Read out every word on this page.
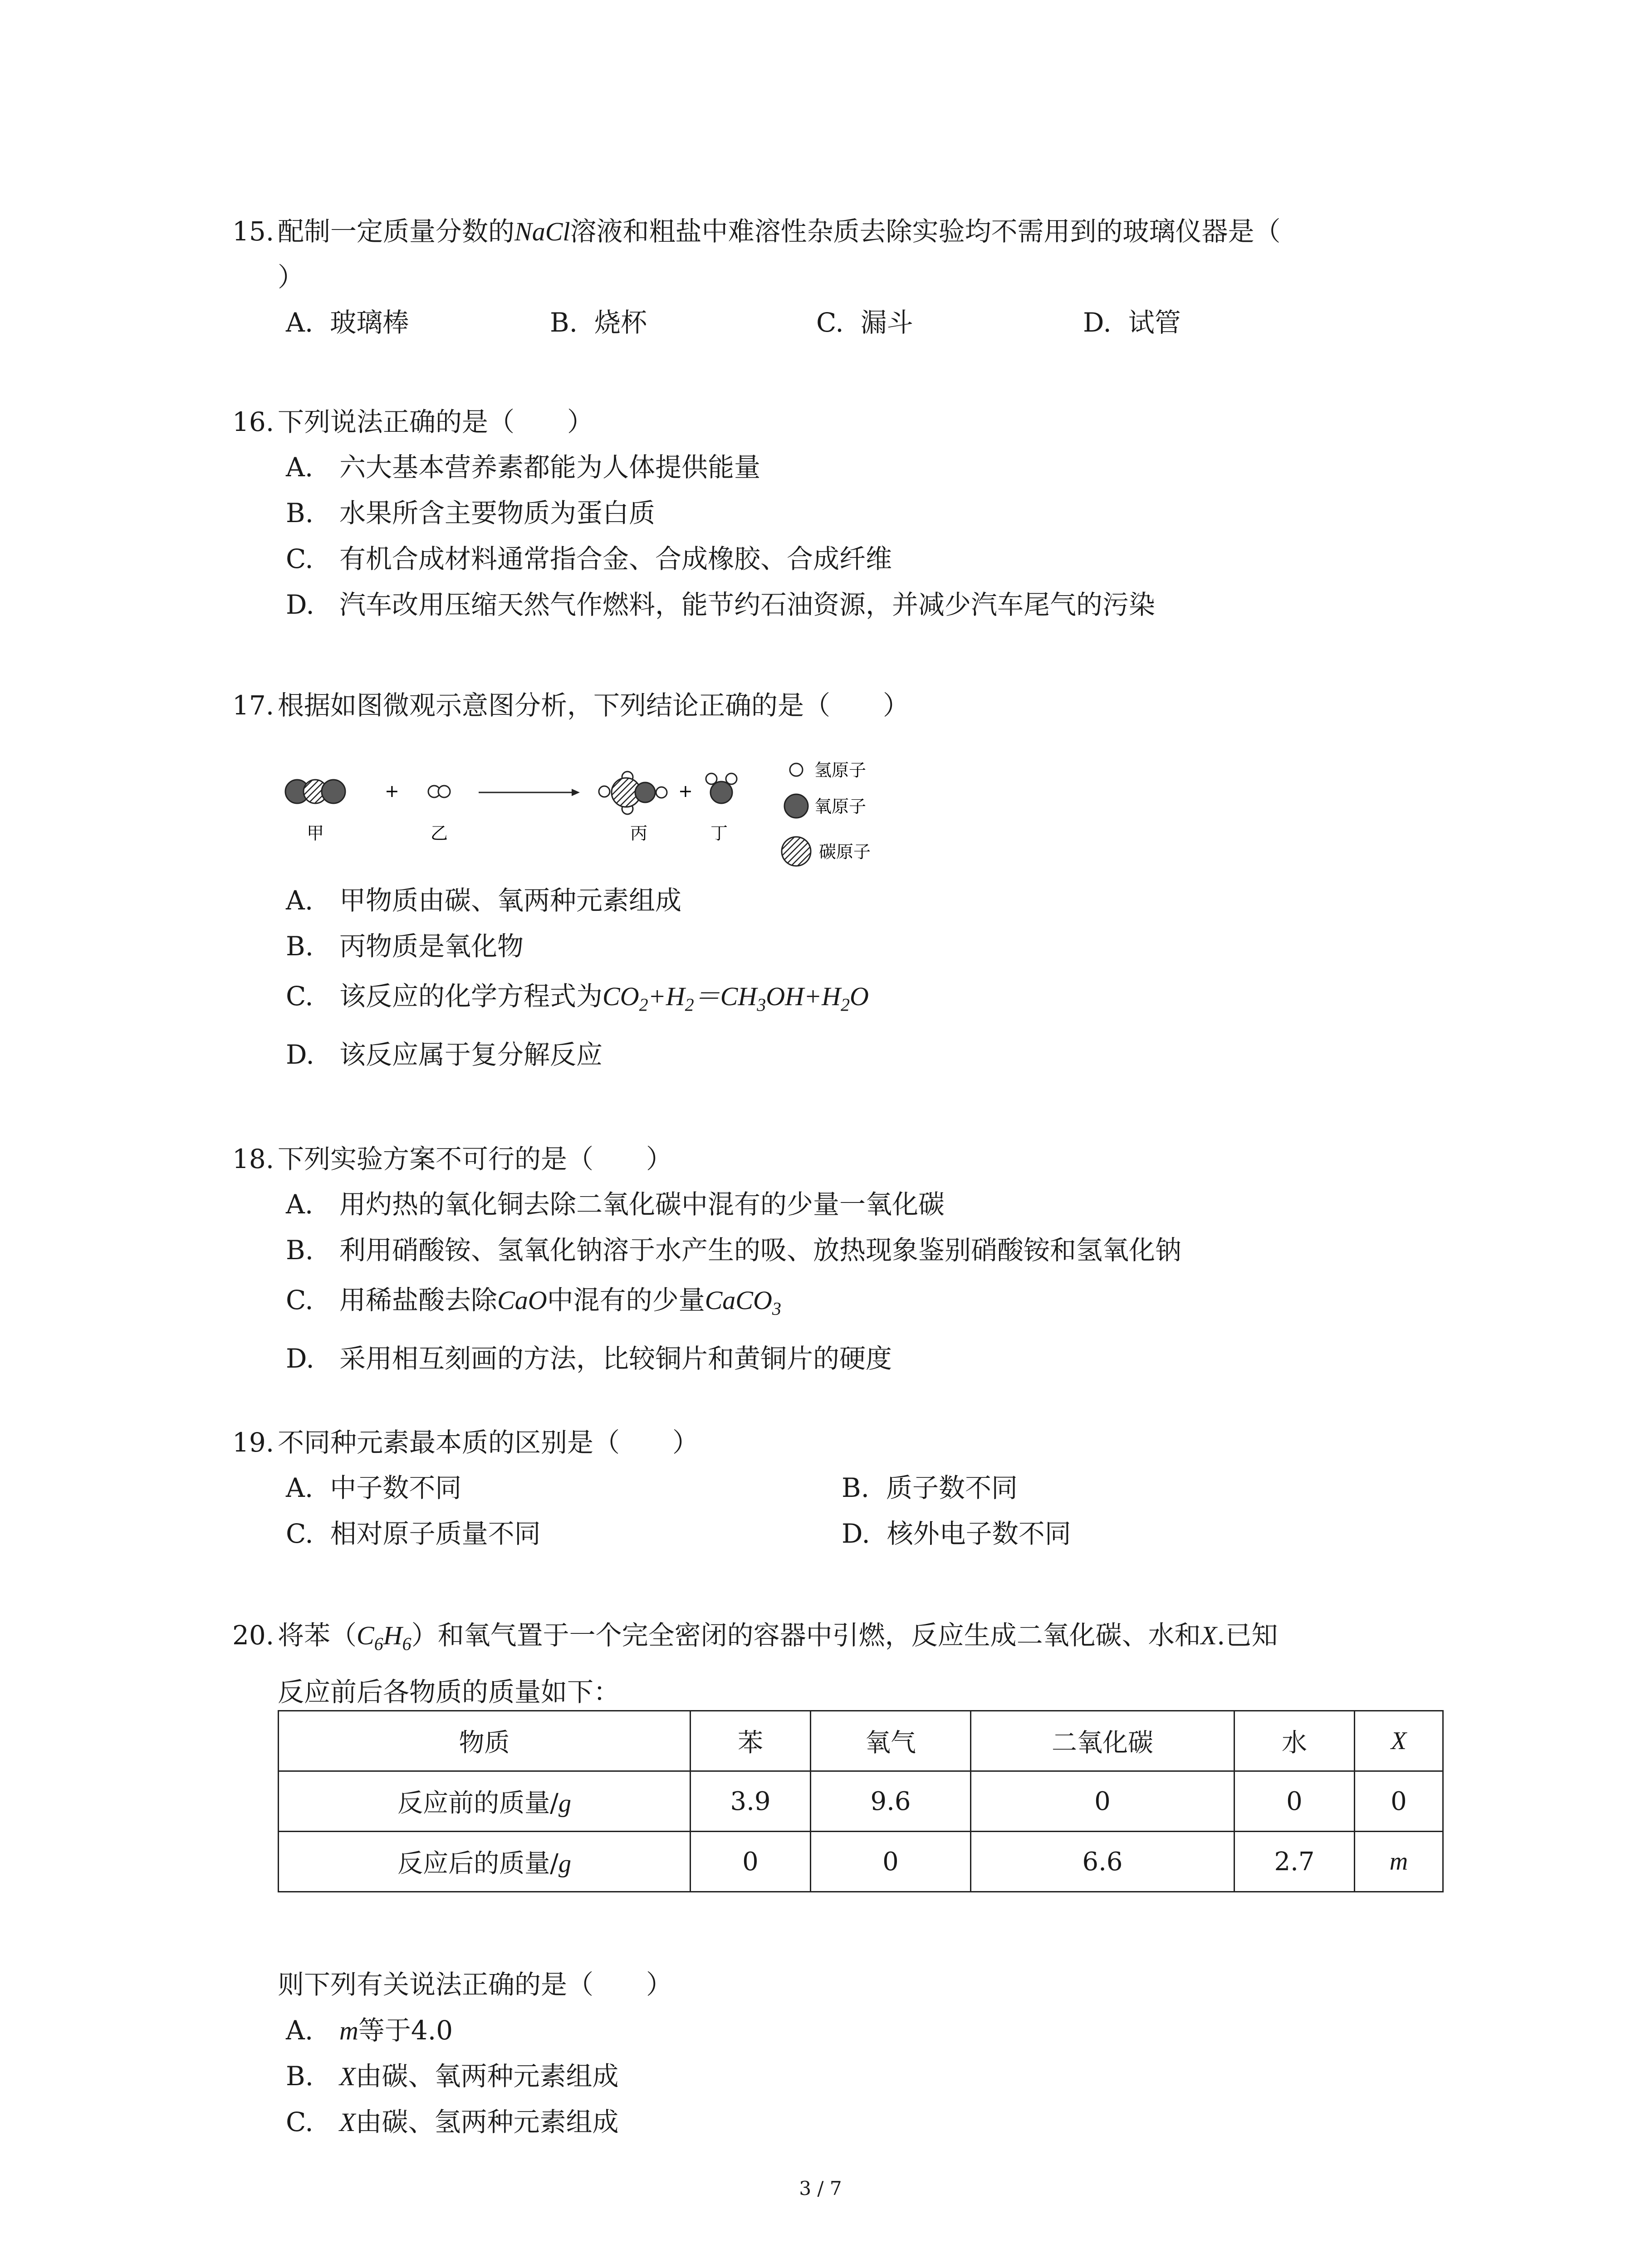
15. 配制一定质量分数的NaCl溶液和粗盐中难溶性杂质去除实验均不需用到的玻璃仪器是（
）
A. 玻璃棒	B. 烧杯	C. 漏斗	D. 试管
16. 下列说法正确的是（　　）
A. 六大基本营养素都能为人体提供能量
B. 水果所含主要物质为蛋白质
C. 有机合成材料通常指合金、合成橡胶、合成纤维
D. 汽车改用压缩天然气作燃料，能节约石油资源，并减少汽车尾气的污染
17. 根据如图微观示意图分析，下列结论正确的是（　　）
+	+
甲	乙	丙	丁
氢原子
氧原子
碳原子
A. 甲物质由碳、氧两种元素组成
B. 丙物质是氧化物
C. 该反应的化学方程式为$CO_2+H_2=CH_3OH+H_2O$
D. 该反应属于复分解反应
18. 下列实验方案不可行的是（　　）
A. 用灼热的氧化铜去除二氧化碳中混有的少量一氧化碳
B. 利用硝酸铵、氢氧化钠溶于水产生的吸、放热现象鉴别硝酸铵和氢氧化钠
C. 用稀盐酸去除CaO中混有的少量CaCO$_3$
D. 采用相互刻画的方法，比较铜片和黄铜片的硬度
19. 不同种元素最本质的区别是（　　）
A. 中子数不同	B. 质子数不同
C. 相对原子质量不同	D. 核外电子数不同
20. 将苯$(C_6H_6)$和氧气置于一个完全密闭的容器中引燃，反应生成二氧化碳、水和X.已知
反应前后各物质的质量如下：
物质	苯	氧气	二氧化碳	水	X
反应前的质量/g	3.9	9.6	0	0	0
反应后的质量/g	0	0	6.6	2.7	m
则下列有关说法正确的是（　　）
A. m等于4.0
B. X由碳、氧两种元素组成
C. X由碳、氢两种元素组成
3 / 7
